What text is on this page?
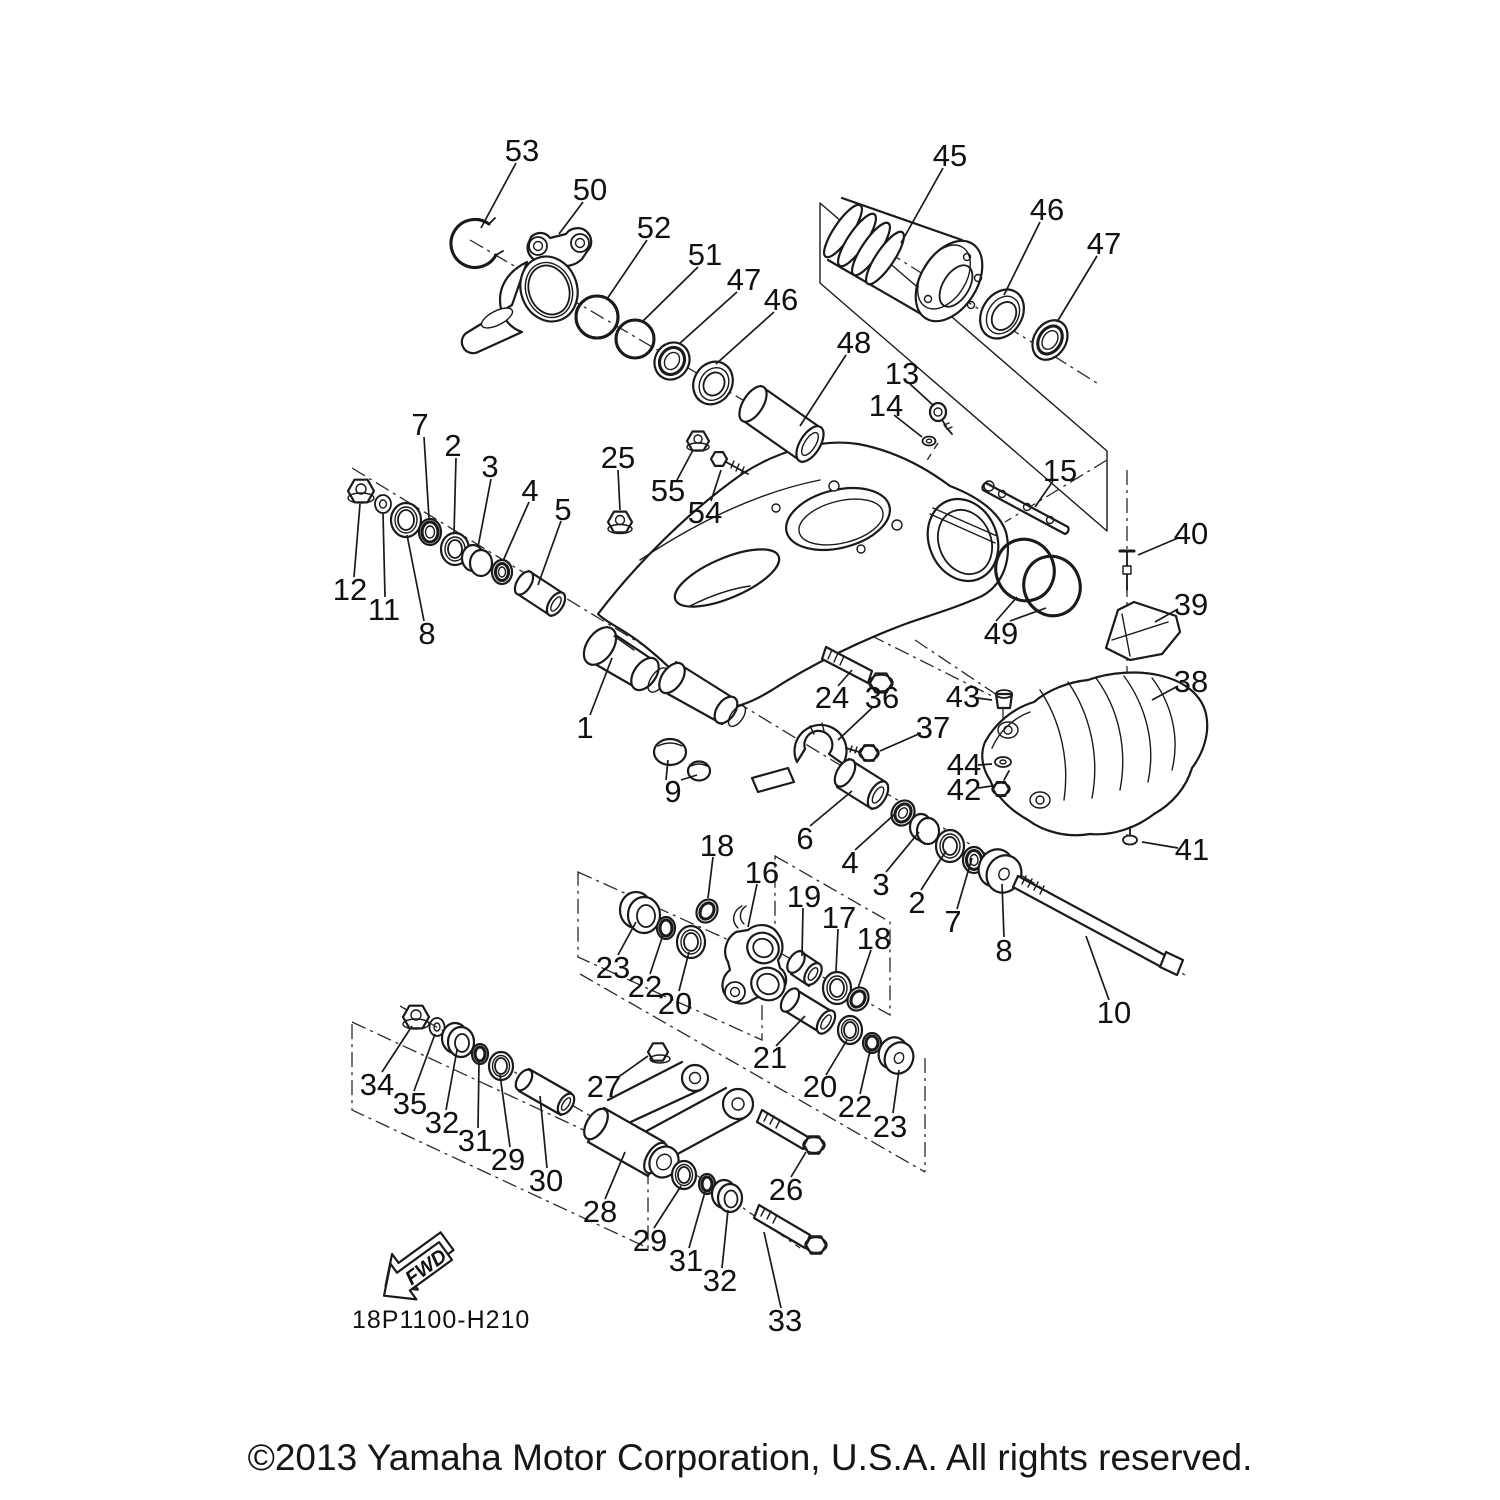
FWD
18P1100-H210
©2013 Yamaha Motor Corporation, U.S.A. All rights reserved.
53
50
52
51
47
46
48
45
46
47
13
14
15
25
55
54
7
2
3
4
5
12
11
8
1
9
24 36
37
43
44
42
49
40
39
38
41
6
4
3
2
7
8
10
18
16
19
17
18
23
22
20
21
20
22
23
27
34
35
32
31
29
30
28
29
31
32
33
26
